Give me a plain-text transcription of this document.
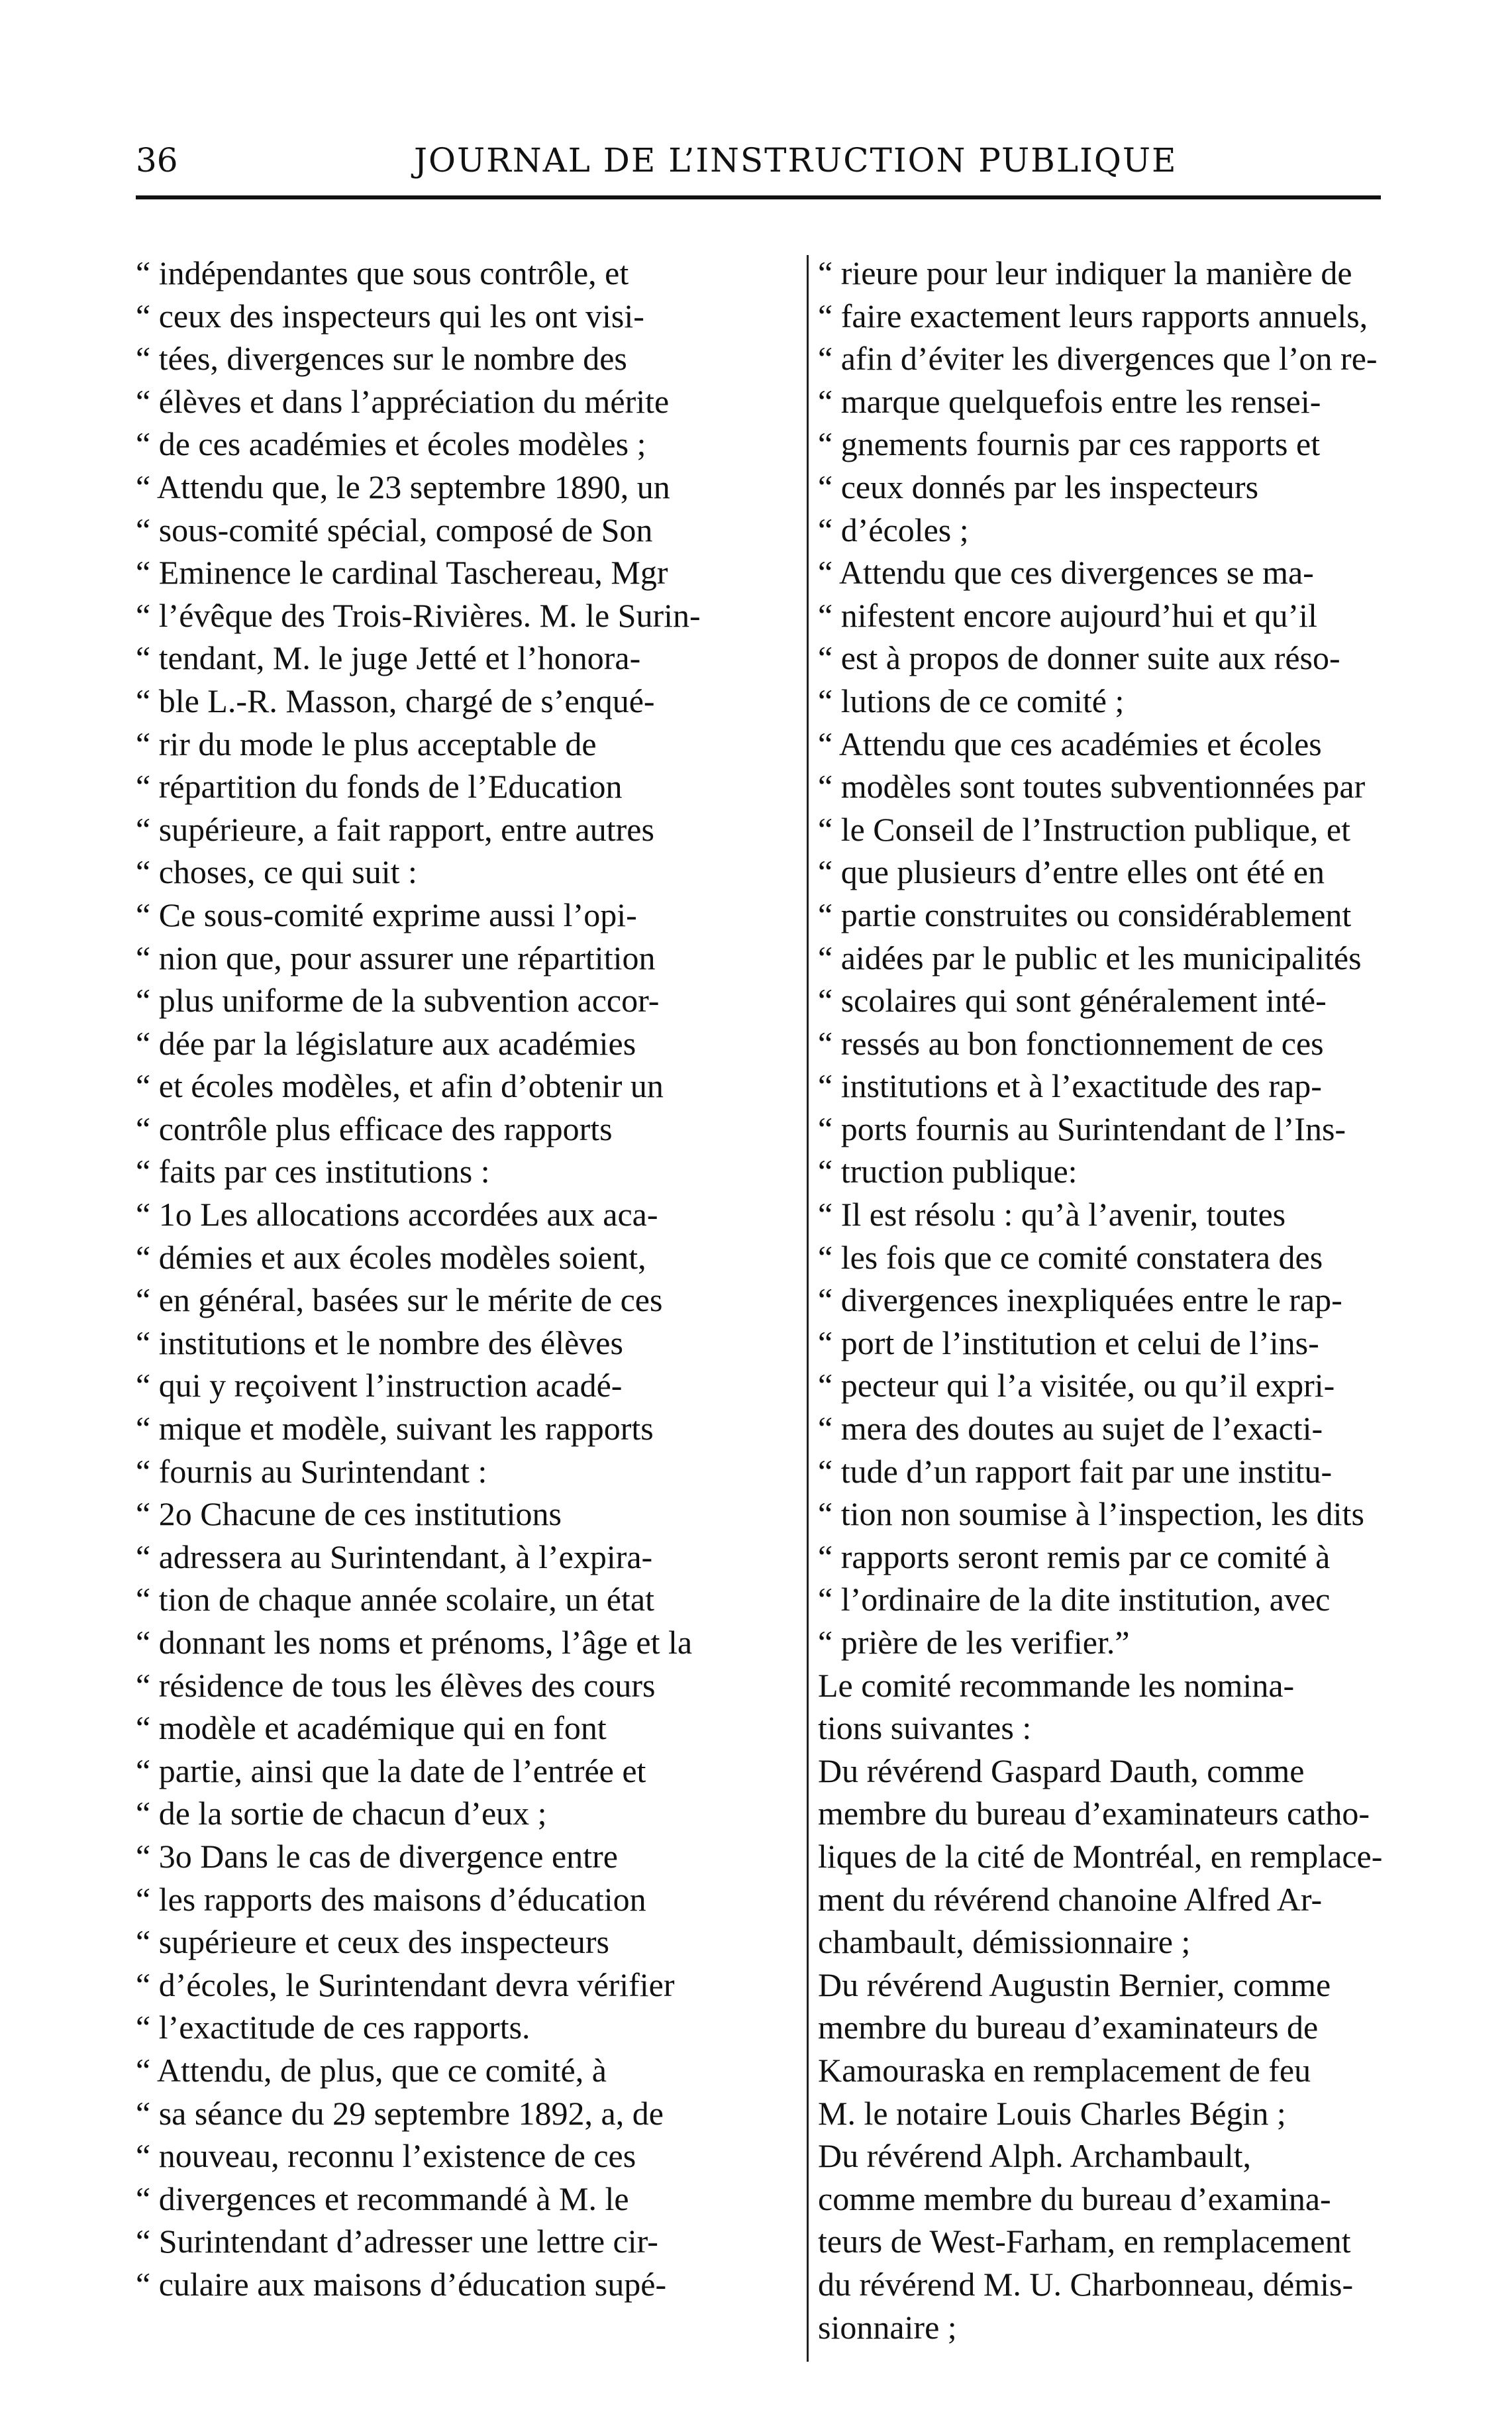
36	JOURNAL DE L’INSTRUCTION PUBLIQUE
“ indépendantes que sous contrôle, et
“ ceux des inspecteurs qui les ont visi-
“ tées, divergences sur le nombre des
“ élèves et dans l’appréciation du mérite
“ de ces académies et écoles modèles ;
“ Attendu que, le 23 septembre 1890, un
“ sous-comité spécial, composé de Son
“ Eminence le cardinal Taschereau, Mgr
“ l’évêque des Trois-Rivières. M. le Surin-
“ tendant, M. le juge Jetté et l’honora-
“ ble L.-R. Masson, chargé de s’enqué-
“ rir du mode le plus acceptable de
“ répartition du fonds de l’Education
“ supérieure, a fait rapport, entre autres
“ choses, ce qui suit :
“ Ce sous-comité exprime aussi l’opi-
“ nion que, pour assurer une répartition
“ plus uniforme de la subvention accor-
“ dée par la législature aux académies
“ et écoles modèles, et afin d’obtenir un
“ contrôle plus efficace des rapports
“ faits par ces institutions :
“ 1o Les allocations accordées aux aca-
“ démies et aux écoles modèles soient,
“ en général, basées sur le mérite de ces
“ institutions et le nombre des élèves
“ qui y reçoivent l’instruction acadé-
“ mique et modèle, suivant les rapports
“ fournis au Surintendant :
“ 2o Chacune de ces institutions
“ adressera au Surintendant, à l’expira-
“ tion de chaque année scolaire, un état
“ donnant les noms et prénoms, l’âge et la
“ résidence de tous les élèves des cours
“ modèle et académique qui en font
“ partie, ainsi que la date de l’entrée et
“ de la sortie de chacun d’eux ;
“ 3o Dans le cas de divergence entre
“ les rapports des maisons d’éducation
“ supérieure et ceux des inspecteurs
“ d’écoles, le Surintendant devra vérifier
“ l’exactitude de ces rapports.
“ Attendu, de plus, que ce comité, à
“ sa séance du 29 septembre 1892, a, de
“ nouveau, reconnu l’existence de ces
“ divergences et recommandé à M. le
“ Surintendant d’adresser une lettre cir-
“ culaire aux maisons d’éducation supé-
“ rieure pour leur indiquer la manière de
“ faire exactement leurs rapports annuels,
“ afin d’éviter les divergences que l’on re-
“ marque quelquefois entre les rensei-
“ gnements fournis par ces rapports et
“ ceux donnés par les inspecteurs
“ d’écoles ;
“ Attendu que ces divergences se ma-
“ nifestent encore aujourd’hui et qu’il
“ est à propos de donner suite aux réso-
“ lutions de ce comité ;
“ Attendu que ces académies et écoles
“ modèles sont toutes subventionnées par
“ le Conseil de l’Instruction publique, et
“ que plusieurs d’entre elles ont été en
“ partie construites ou considérablement
“ aidées par le public et les municipalités
“ scolaires qui sont généralement inté-
“ ressés au bon fonctionnement de ces
“ institutions et à l’exactitude des rap-
“ ports fournis au Surintendant de l’Ins-
“ truction publique:
“ Il est résolu : qu’à l’avenir, toutes
“ les fois que ce comité constatera des
“ divergences inexpliquées entre le rap-
“ port de l’institution et celui de l’ins-
“ pecteur qui l’a visitée, ou qu’il expri-
“ mera des doutes au sujet de l’exacti-
“ tude d’un rapport fait par une institu-
“ tion non soumise à l’inspection, les dits
“ rapports seront remis par ce comité à
“ l’ordinaire de la dite institution, avec
“ prière de les verifier.”
Le comité recommande les nomina-
tions suivantes :
Du révérend Gaspard Dauth, comme
membre du bureau d’examinateurs catho-
liques de la cité de Montréal, en remplace-
ment du révérend chanoine Alfred Ar-
chambault, démissionnaire ;
Du révérend Augustin Bernier, comme
membre du bureau d’examinateurs de
Kamouraska en remplacement de feu
M. le notaire Louis Charles Bégin ;
Du révérend Alph. Archambault,
comme membre du bureau d’examina-
teurs de West-Farham, en remplacement
du révérend M. U. Charbonneau, démis-
sionnaire ;
